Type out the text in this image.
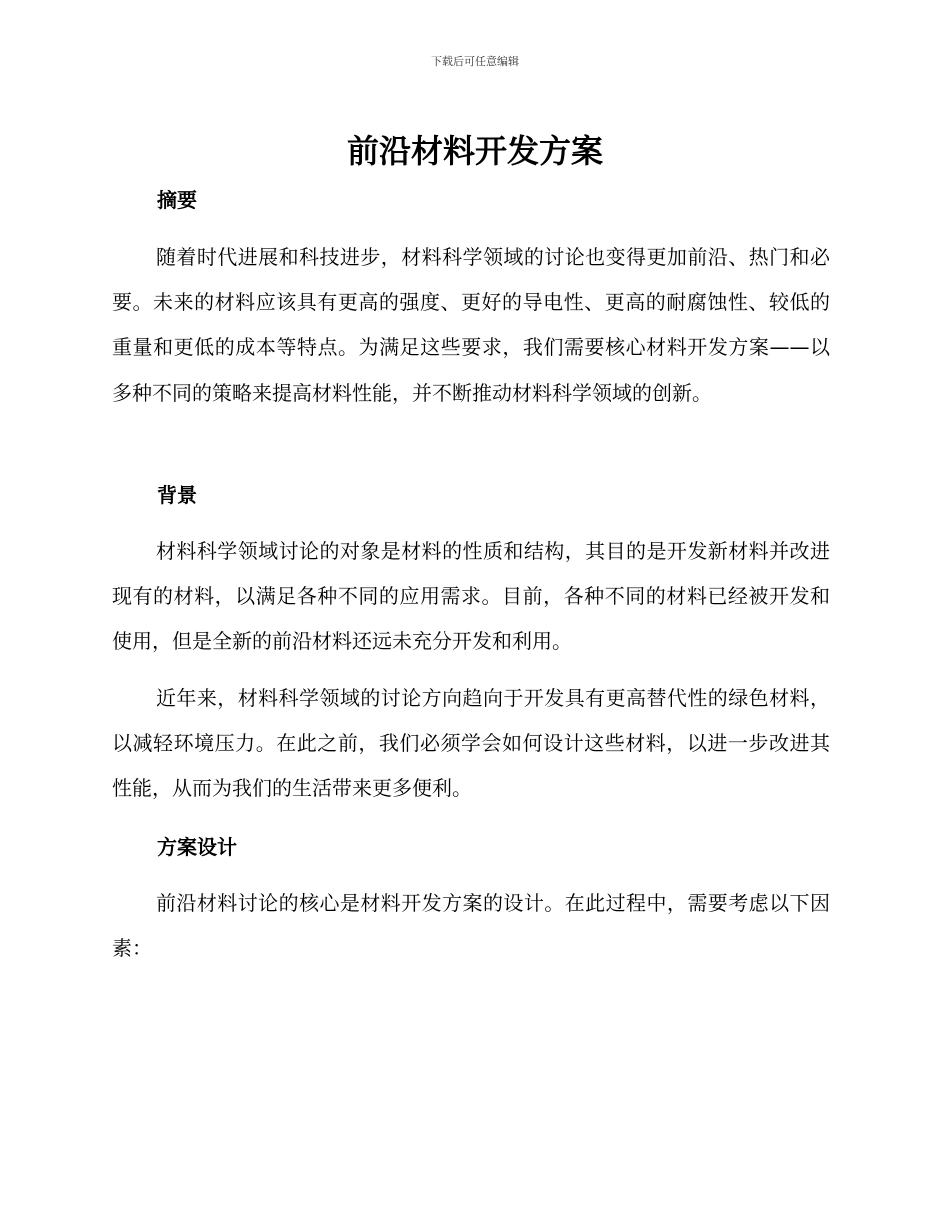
下载后可任意编辑
前沿材料开发方案
摘要

随着时代进展和科技进步，材料科学领域的讨论也变得更加前沿、热门和必要。未来的材料应该具有更高的强度、更好的导电性、更高的耐腐蚀性、较低的重量和更低的成本等特点。为满足这些要求，我们需要核心材料开发方案——以多种不同的策略来提高材料性能，并不断推动材料科学领域的创新。

背景

材料科学领域讨论的对象是材料的性质和结构，其目的是开发新材料并改进现有的材料，以满足各种不同的应用需求。目前，各种不同的材料已经被开发和使用，但是全新的前沿材料还远未充分开发和利用。

近年来，材料科学领域的讨论方向趋向于开发具有更高替代性的绿色材料，以减轻环境压力。在此之前，我们必须学会如何设计这些材料，以进一步改进其性能，从而为我们的生活带来更多便利。

方案设计

前沿材料讨论的核心是材料开发方案的设计。在此过程中，需要考虑以下因素：
